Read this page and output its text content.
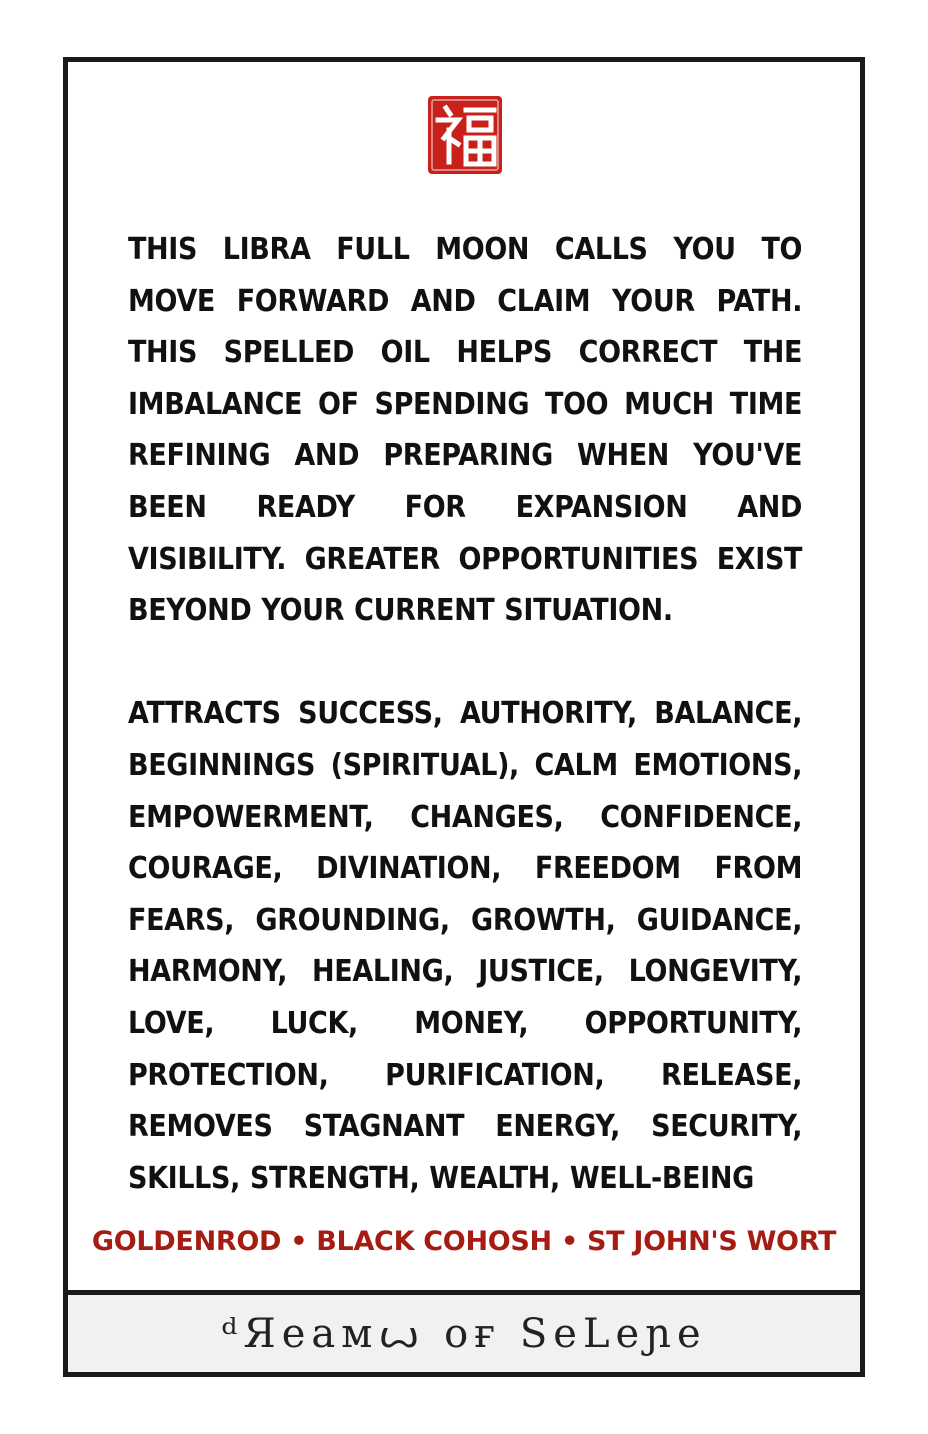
THIS LIBRA FULL MOON CALLS YOU TO MOVE FORWARD AND CLAIM YOUR PATH. THIS SPELLED OIL HELPS CORRECT THE IMBALANCE OF SPENDING TOO MUCH TIME REFINING AND PREPARING WHEN YOU'VE BEEN READY FOR EXPANSION AND VISIBILITY. GREATER OPPORTUNITIES EXIST BEYOND YOUR CURRENT SITUATION.

ATTRACTS SUCCESS, AUTHORITY, BALANCE, BEGINNINGS (SPIRITUAL), CALM EMOTIONS, EMPOWERMENT, CHANGES, CONFIDENCE, COURAGE, DIVINATION, FREEDOM FROM FEARS, GROUNDING, GROWTH, GUIDANCE, HARMONY, HEALING, JUSTICE, LONGEVITY, LOVE, LUCK, MONEY, OPPORTUNITY, PROTECTION, PURIFICATION, RELEASE, REMOVES STAGNANT ENERGY, SECURITY, SKILLS, STRENGTH, WEALTH, WELL-BEING

GOLDENROD • BLACK COHOSH • ST JOHN'S WORT
ᵈЯeaмꙍ ᴏғ SeLeɲe
